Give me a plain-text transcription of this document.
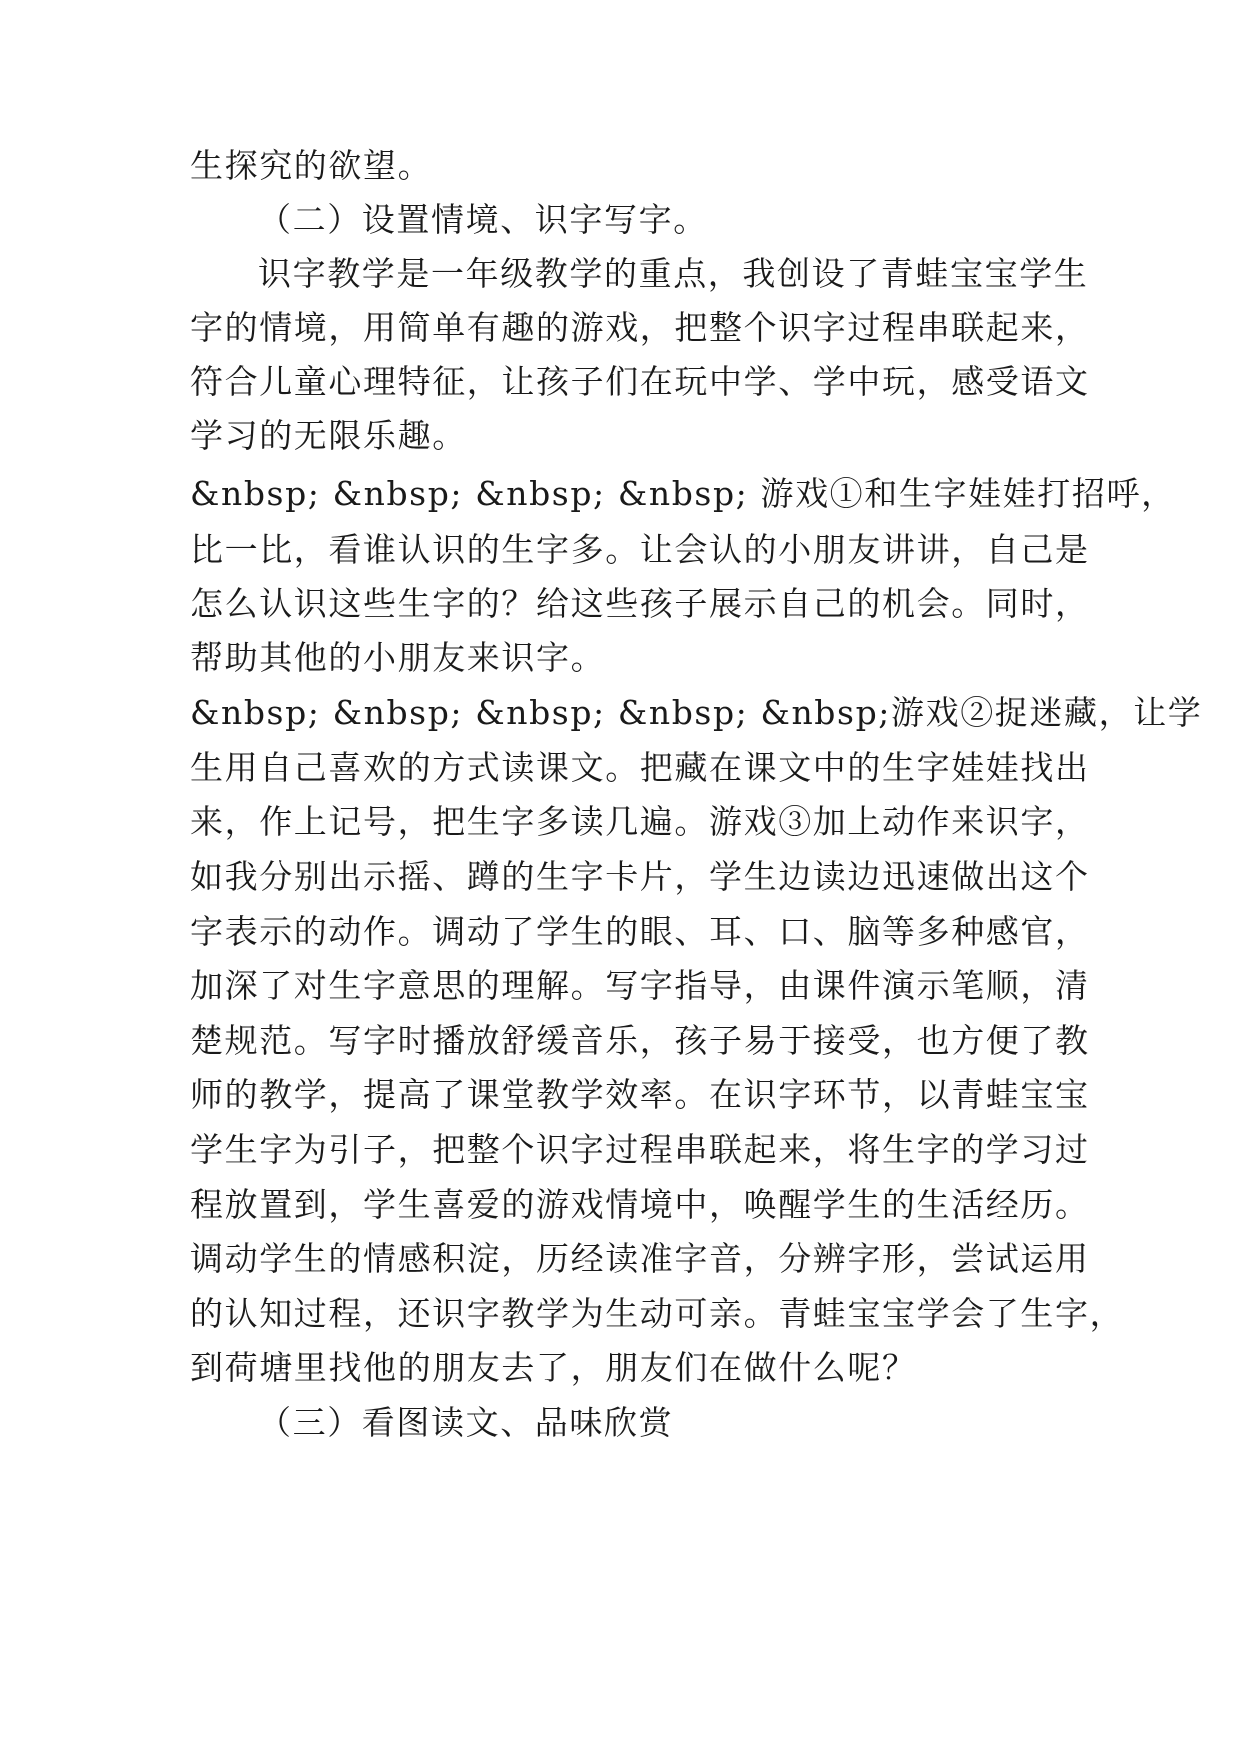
生探究的欲望。
（二）设置情境、识字写字。
识字教学是一年级教学的重点，我创设了青蛙宝宝学生
字的情境，用简单有趣的游戏，把整个识字过程串联起来，
符合儿童心理特征，让孩子们在玩中学、学中玩，感受语文
学习的无限乐趣。
&nbsp; &nbsp; &nbsp; &nbsp; 游戏①和生字娃娃打招呼，
比一比，看谁认识的生字多。让会认的小朋友讲讲，自己是
怎么认识这些生字的？给这些孩子展示自己的机会。同时，
帮助其他的小朋友来识字。
&nbsp; &nbsp; &nbsp; &nbsp; &nbsp;游戏②捉迷藏，让学
生用自己喜欢的方式读课文。把藏在课文中的生字娃娃找出
来，作上记号，把生字多读几遍。游戏③加上动作来识字，
如我分别出示摇、蹲的生字卡片，学生边读边迅速做出这个
字表示的动作。调动了学生的眼、耳、口、脑等多种感官，
加深了对生字意思的理解。写字指导，由课件演示笔顺，清
楚规范。写字时播放舒缓音乐，孩子易于接受，也方便了教
师的教学，提高了课堂教学效率。在识字环节，以青蛙宝宝
学生字为引子，把整个识字过程串联起来，将生字的学习过
程放置到，学生喜爱的游戏情境中，唤醒学生的生活经历。
调动学生的情感积淀，历经读准字音，分辨字形，尝试运用
的认知过程，还识字教学为生动可亲。青蛙宝宝学会了生字，
到荷塘里找他的朋友去了，朋友们在做什么呢？
（三）看图读文、品味欣赏
